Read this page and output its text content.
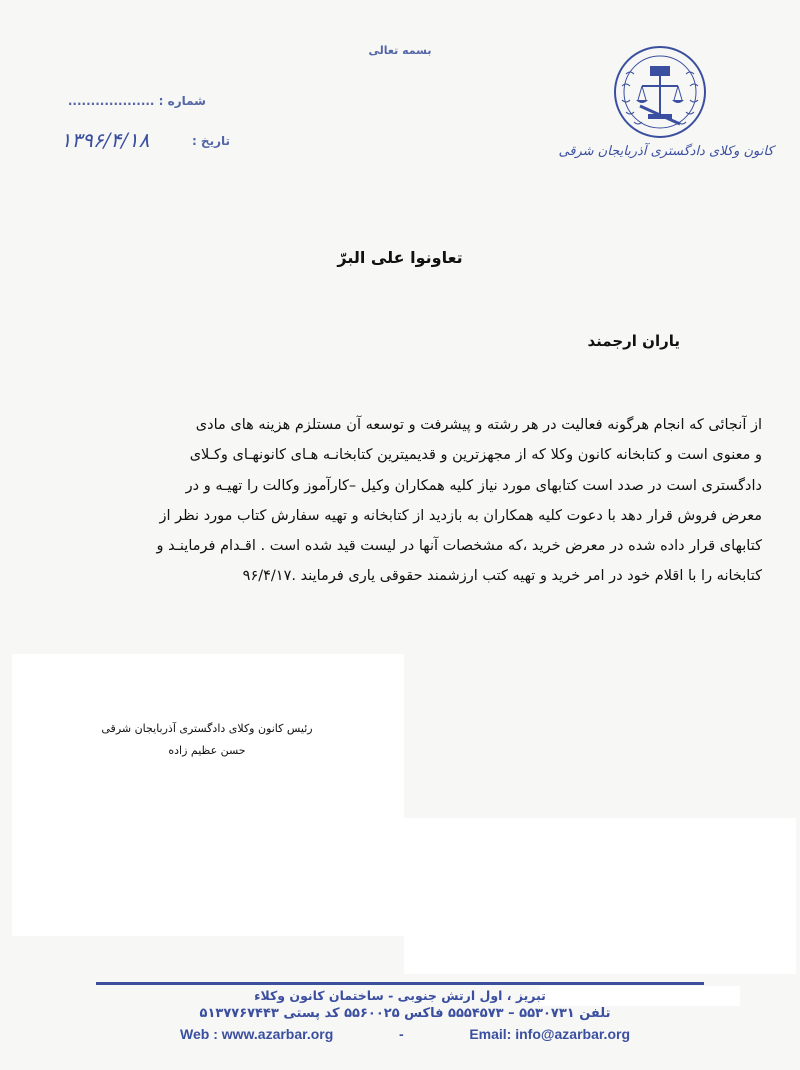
بسمه تعالی
شماره : ...................
تاریخ :
۱۳۹۶/۴/۱۸	کانون وکلای دادگستری آذربایجان شرقی
تعاونوا علی البرّ
یاران ارجمند

از آنجائی که انجام هرگونه فعالیت در هر رشته و پیشرفت و توسعه آن مستلزم هزینه های مادی

و معنوی است و کتابخانه کانون وکلا که از مجهزترین و قدیمیترین کتابخانـه هـای کانونهـای وکـلای

دادگستری است در صدد است کتابهای مورد نیاز کلیه همکاران وکیل –کارآموز وکالت را تهیـه و در

معرض فروش قرار دهد با دعوت کلیه همکاران به بازدید از کتابخانه و تهیه سفارش کتاب مورد نظر از

کتابهای قرار داده شده در معرض خرید ،که مشخصات آنها در لیست قید شده است . اقـدام فرماینـد و

کتابخانه را با اقلام خود در امر خرید و تهیه کتب ارزشمند حقوقی یاری فرمایند .۹۶/۴/۱۷

رئیس کانون وکلای دادگستری آذربایجان شرقی
حسن عظیم زاده
تبریز ، اول ارتش جنوبی - ساختمان کانون وکلاء
تلفن ۵۵۳۰۷۳۱ – ۵۵۵۴۵۷۳ فاکس ۵۵۶۰۰۲۵ کد پستی ۵۱۳۷۷۶۷۴۴۳
Web : www.azarbar.org	-	Email: info@azarbar.org
